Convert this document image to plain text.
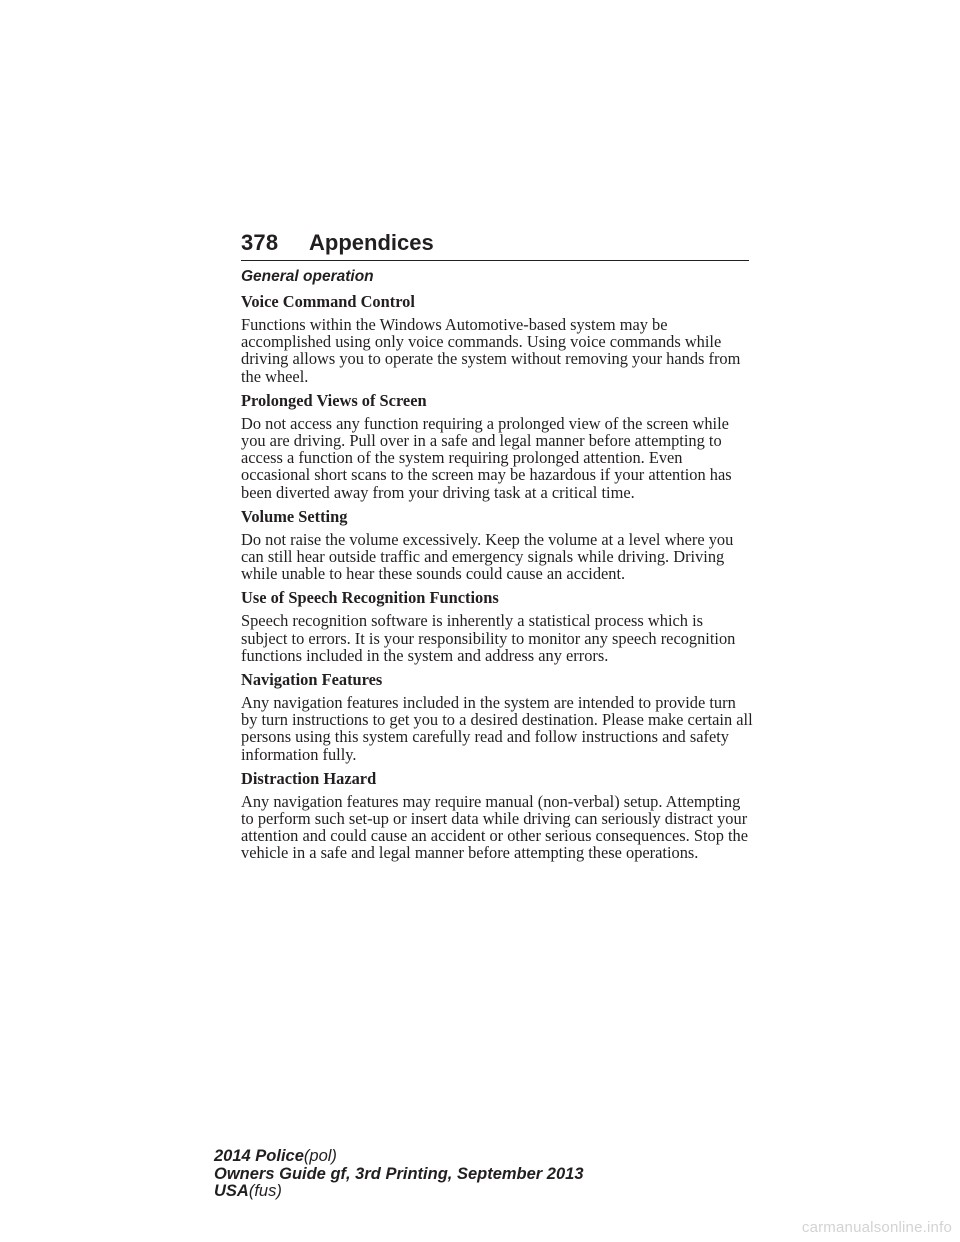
378 Appendices
General operation
Voice Command Control
Functions within the Windows Automotive-based system may be accomplished using only voice commands. Using voice commands while driving allows you to operate the system without removing your hands from the wheel.
Prolonged Views of Screen
Do not access any function requiring a prolonged view of the screen while you are driving. Pull over in a safe and legal manner before attempting to access a function of the system requiring prolonged attention. Even occasional short scans to the screen may be hazardous if your attention has been diverted away from your driving task at a critical time.
Volume Setting
Do not raise the volume excessively. Keep the volume at a level where you can still hear outside traffic and emergency signals while driving. Driving while unable to hear these sounds could cause an accident.
Use of Speech Recognition Functions
Speech recognition software is inherently a statistical process which is subject to errors. It is your responsibility to monitor any speech recognition functions included in the system and address any errors.
Navigation Features
Any navigation features included in the system are intended to provide turn by turn instructions to get you to a desired destination. Please make certain all persons using this system carefully read and follow instructions and safety information fully.
Distraction Hazard
Any navigation features may require manual (non-verbal) setup. Attempting to perform such set-up or insert data while driving can seriously distract your attention and could cause an accident or other serious consequences. Stop the vehicle in a safe and legal manner before attempting these operations.
2014 Police(pol)
Owners Guide gf, 3rd Printing, September 2013
USA(fus)
carmanualsonline.info
